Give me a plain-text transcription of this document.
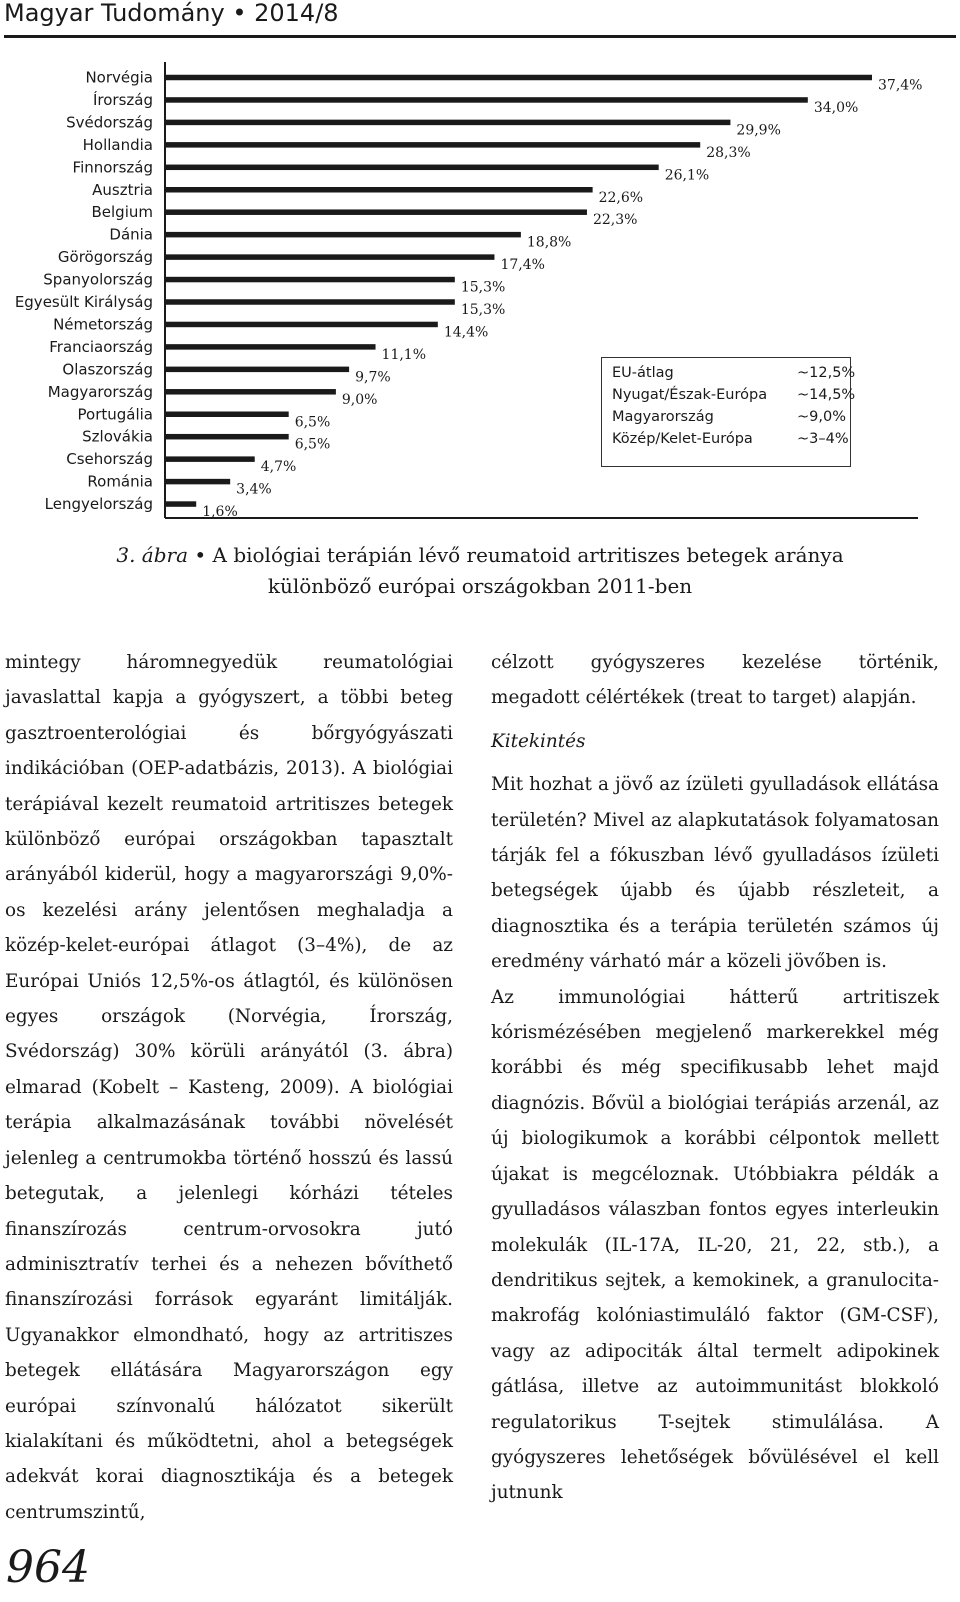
Magyar Tudomány • 2014/8
Norvégia
Írország
Svédország
Hollandia
Finnország
Ausztria
Belgium
Dánia
Görögország
Spanyolország
Egyesült Királyság
Németország
Franciaország
Olaszország
Magyarország
Portugália
Szlovákia
Csehország
Románia
Lengyelország
37,4%
34,0%
29,9%
28,3%
26,1%
22,6%
22,3%
18,8%
17,4%
15,3%
15,3%
14,4%
11,1%
9,7%
9,0%
6,5%
6,5%
4,7%
3,4%
1,6%
EU-átlag	~12,5%
Nyugat/Észak-Európa ~14,5%
Magyarország	~9,0%
Közép/Kelet-Európa	~3–4%
3. ábra • A biológiai terápián lévő reumatoid artritiszes betegek aránya különböző európai országokban 2011-ben

mintegy háromnegyedük reumatológiai javaslattal kapja a gyógyszert, a többi beteg gasztroenterológiai és bőrgyógyászati indikációban (OEP-adatbázis, 2013). A biológiai terápiával kezelt reumatoid artritiszes betegek különböző európai országokban tapasztalt arányából kiderül, hogy a magyarországi 9,0%-os kezelési arány jelentősen meghaladja a közép-kelet-európai átlagot (3–4%), de az Európai Uniós 12,5%-os átlagtól, és különösen egyes országok (Norvégia, Írország, Svédország) 30% körüli arányától (3. ábra) elmarad (Kobelt – Kasteng, 2009). A biológiai terápia alkalmazásának további növelését jelenleg a centrumokba történő hosszú és lassú betegutak, a jelenlegi kórházi tételes finanszírozás centrum-orvosokra jutó adminisztratív terhei és a nehezen bővíthető finanszírozási források egyaránt limitálják. Ugyanakkor elmondható, hogy az artritiszes betegek ellátására Magyarországon egy európai színvonalú hálózatot sikerült kialakítani és működtetni, ahol a betegségek adekvát korai diagnosztikája és a betegek centrumszintű,

célzott gyógyszeres kezelése történik, megadott célértékek (treat to target) alapján.

Kitekintés

Mit hozhat a jövő az ízületi gyulladások ellátása területén? Mivel az alapkutatások folyamatosan tárják fel a fókuszban lévő gyulladásos ízületi betegségek újabb és újabb részleteit, a diagnosztika és a terápia területén számos új eredmény várható már a közeli jövőben is.

Az immunológiai hátterű artritiszek kórismézésében megjelenő markerekkel még korábbi és még specifikusabb lehet majd diagnózis. Bővül a biológiai terápiás arzenál, az új biologikumok a korábbi célpontok mellett újakat is megcéloznak. Utóbbiakra példák a gyulladásos válaszban fontos egyes interleukin molekulák (IL-17A, IL-20, 21, 22, stb.), a dendritikus sejtek, a kemokinek, a granulocita-makrofág kolóniastimuláló faktor (GM-CSF), vagy az adipociták által termelt adipokinek gátlása, illetve az autoimmunitást blokkoló regulatorikus T-sejtek stimulálása. A gyógyszeres lehetőségek bővülésével el kell jutnunk

964
